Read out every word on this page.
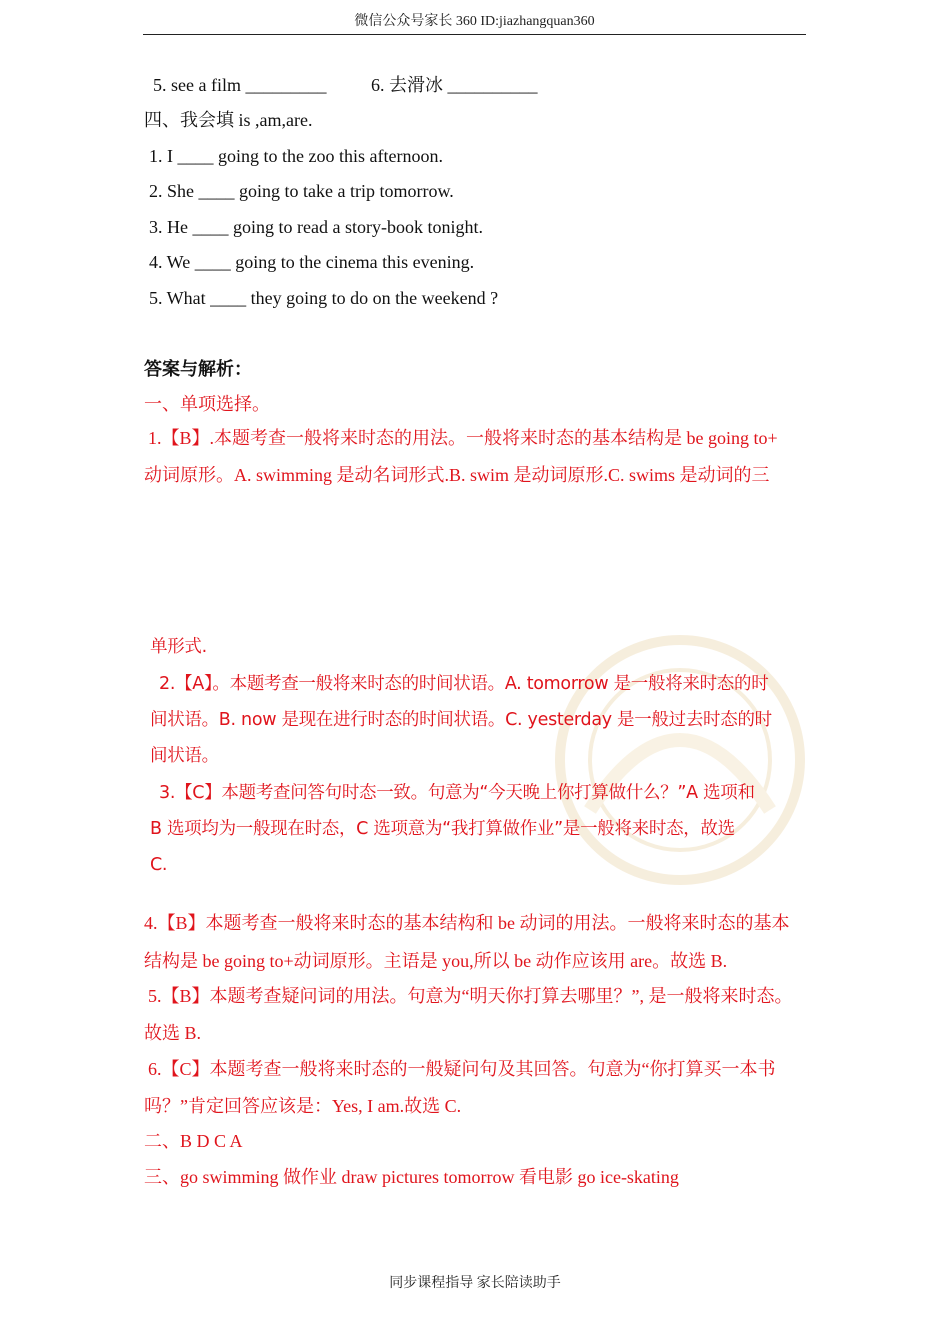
微信公众号家长 360 ID:jiazhangquan360
5. see a film _________ 6. 去滑冰 __________
四、我会填 is ,am,are.
1. I ____ going to the zoo this afternoon.
2. She ____ going to take a trip tomorrow.
3. He ____ going to read a story-book tonight.
4. We ____ going to the cinema this evening.
5. What ____ they going to do on the weekend ?
答案与解析：
一、单项选择。
1.【B】.本题考查一般将来时态的用法。一般将来时态的基本结构是 be going to+
动词原形。A. swimming 是动名词形式.B. swim 是动词原形.C. swims 是动词的三
单形式.
2.【A】。本题考查一般将来时态的时间状语。A. tomorrow 是一般将来时态的时
间状语。B. now 是现在进行时态的时间状语。C. yesterday 是一般过去时态的时
间状语。
3.【C】本题考查问答句时态一致。句意为“今天晚上你打算做什么？”A 选项和
B 选项均为一般现在时态，C 选项意为“我打算做作业”是一般将来时态，故选
C.
4.【B】本题考查一般将来时态的基本结构和 be 动词的用法。一般将来时态的基本
结构是 be going to+动词原形。主语是 you,所以 be 动作应该用 are。故选 B.
5.【B】本题考查疑问词的用法。句意为“明天你打算去哪里？”, 是一般将来时态。
故选 B.
6.【C】本题考查一般将来时态的一般疑问句及其回答。句意为“你打算买一本书
吗？”肯定回答应该是：Yes, I am.故选 C.
二、B D C A
三、go swimming 做作业 draw pictures tomorrow 看电影 go ice-skating
同步课程指导 家长陪读助手
